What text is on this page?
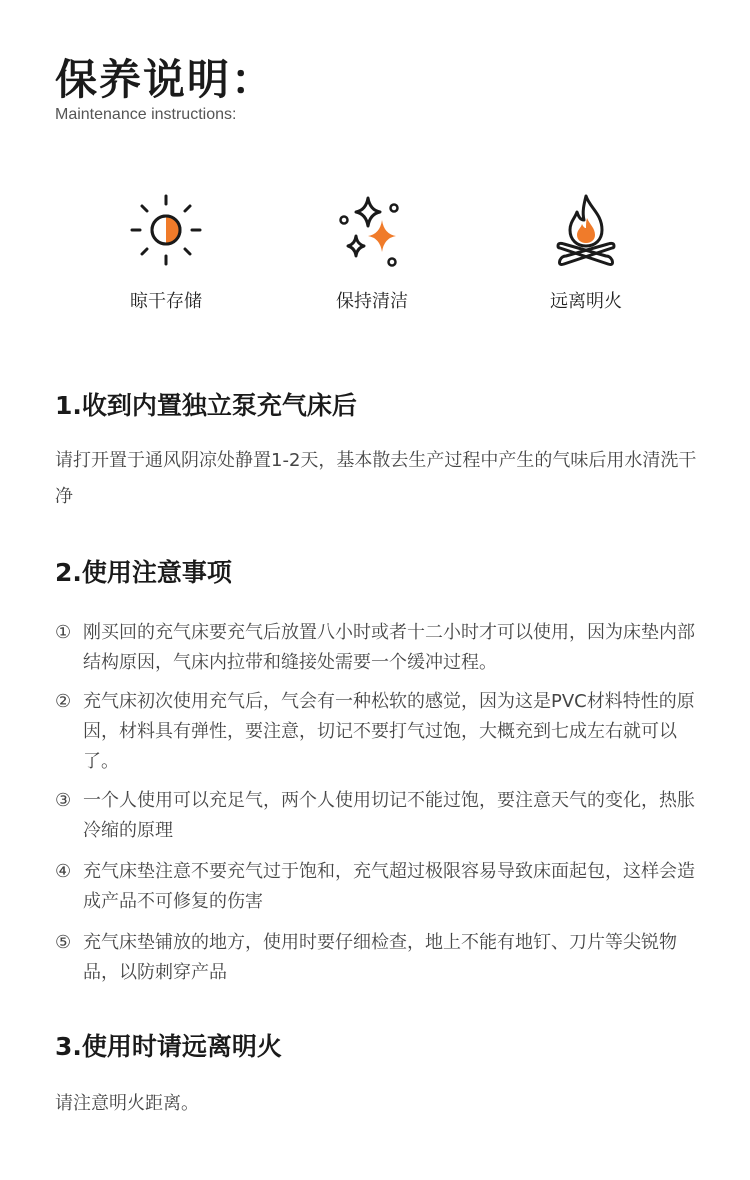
保养说明：
Maintenance instructions:
晾干存储	保持清洁	远离明火
1.收到内置独立泵充气床后
请打开置于通风阴凉处静置1-2天，基本散去生产过程中产生的气味后用水清洗干净
2.使用注意事项
① 刚买回的充气床要充气后放置八小时或者十二小时才可以使用，因为床垫内部结构原因，气床内拉带和缝接处需要一个缓冲过程。
② 充气床初次使用充气后，气会有一种松软的感觉，因为这是PVC材料特性的原因，材料具有弹性，要注意，切记不要打气过饱，大概充到七成左右就可以了。
③ 一个人使用可以充足气，两个人使用切记不能过饱，要注意天气的变化，热胀冷缩的原理
④ 充气床垫注意不要充气过于饱和，充气超过极限容易导致床面起包，这样会造成产品不可修复的伤害
⑤ 充气床垫铺放的地方，使用时要仔细检查，地上不能有地钉、刀片等尖锐物品，以防刺穿产品
3.使用时请远离明火
请注意明火距离。
